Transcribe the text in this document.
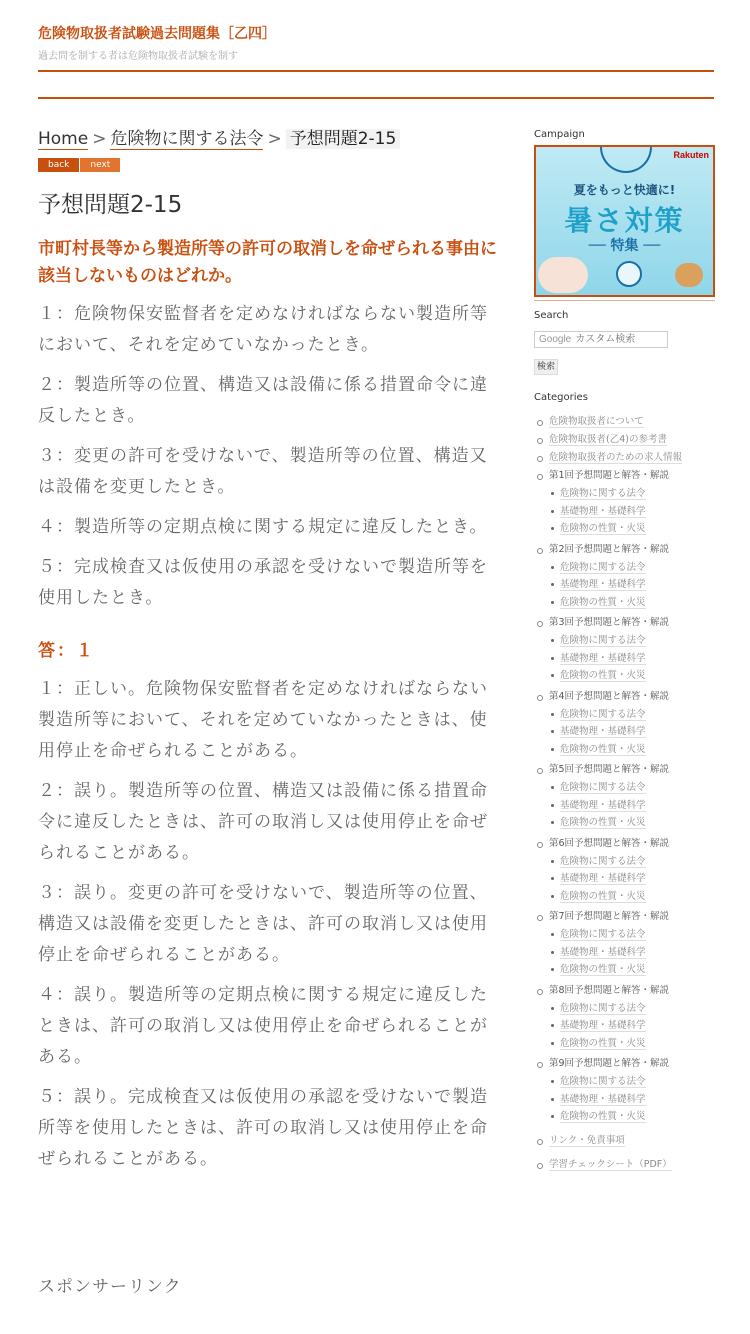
危険物取扱者試験過去問題集［乙四］
過去問を制する者は危険物取扱者試験を制す
Home > 危険物に関する法令 > 予想問題2-15
back	next
予想問題2-15
市町村長等から製造所等の許可の取消しを命ぜられる事由に該当しないものはどれか。

１：危険物保安監督者を定めなければならない製造所等において、それを定めていなかったとき。

２：製造所等の位置、構造又は設備に係る措置命令に違反したとき。

３：変更の許可を受けないで、製造所等の位置、構造又は設備を変更したとき。

４：製造所等の定期点検に関する規定に違反したとき。

５：完成検査又は仮使用の承認を受けないで製造所等を使用したとき。

答：１

１：正しい。危険物保安監督者を定めなければならない製造所等において、それを定めていなかったときは、使用停止を命ぜられることがある。

２：誤り。製造所等の位置、構造又は設備に係る措置命令に違反したときは、許可の取消し又は使用停止を命ぜられることがある。

３：誤り。変更の許可を受けないで、製造所等の位置、構造又は設備を変更したときは、許可の取消し又は使用停止を命ぜられることがある。

４：誤り。製造所等の定期点検に関する規定に違反したときは、許可の取消し又は使用停止を命ぜられることがある。

５：誤り。完成検査又は仮使用の承認を受けないで製造所等を使用したときは、許可の取消し又は使用停止を命ぜられることがある。

スポンサーリンク
Campaign
Rakuten
夏をもっと快適に!
暑さ対策
── 特集 ──
Search
Google カスタム検索
検索
Categories
危険物取扱者について
危険物取扱者(乙4)の参考書
危険物取扱者のための求人情報
第1回予想問題と解答・解説
危険物に関する法令
基礎物理・基礎科学
危険物の性質・火災
第2回予想問題と解答・解説
危険物に関する法令
基礎物理・基礎科学
危険物の性質・火災
第3回予想問題と解答・解説
危険物に関する法令
基礎物理・基礎科学
危険物の性質・火災
第4回予想問題と解答・解説
危険物に関する法令
基礎物理・基礎科学
危険物の性質・火災
第5回予想問題と解答・解説
危険物に関する法令
基礎物理・基礎科学
危険物の性質・火災
第6回予想問題と解答・解説
危険物に関する法令
基礎物理・基礎科学
危険物の性質・火災
第7回予想問題と解答・解説
危険物に関する法令
基礎物理・基礎科学
危険物の性質・火災
第8回予想問題と解答・解説
危険物に関する法令
基礎物理・基礎科学
危険物の性質・火災
第9回予想問題と解答・解説
危険物に関する法令
基礎物理・基礎科学
危険物の性質・火災
リンク・免責事項
学習チェックシート（PDF）
